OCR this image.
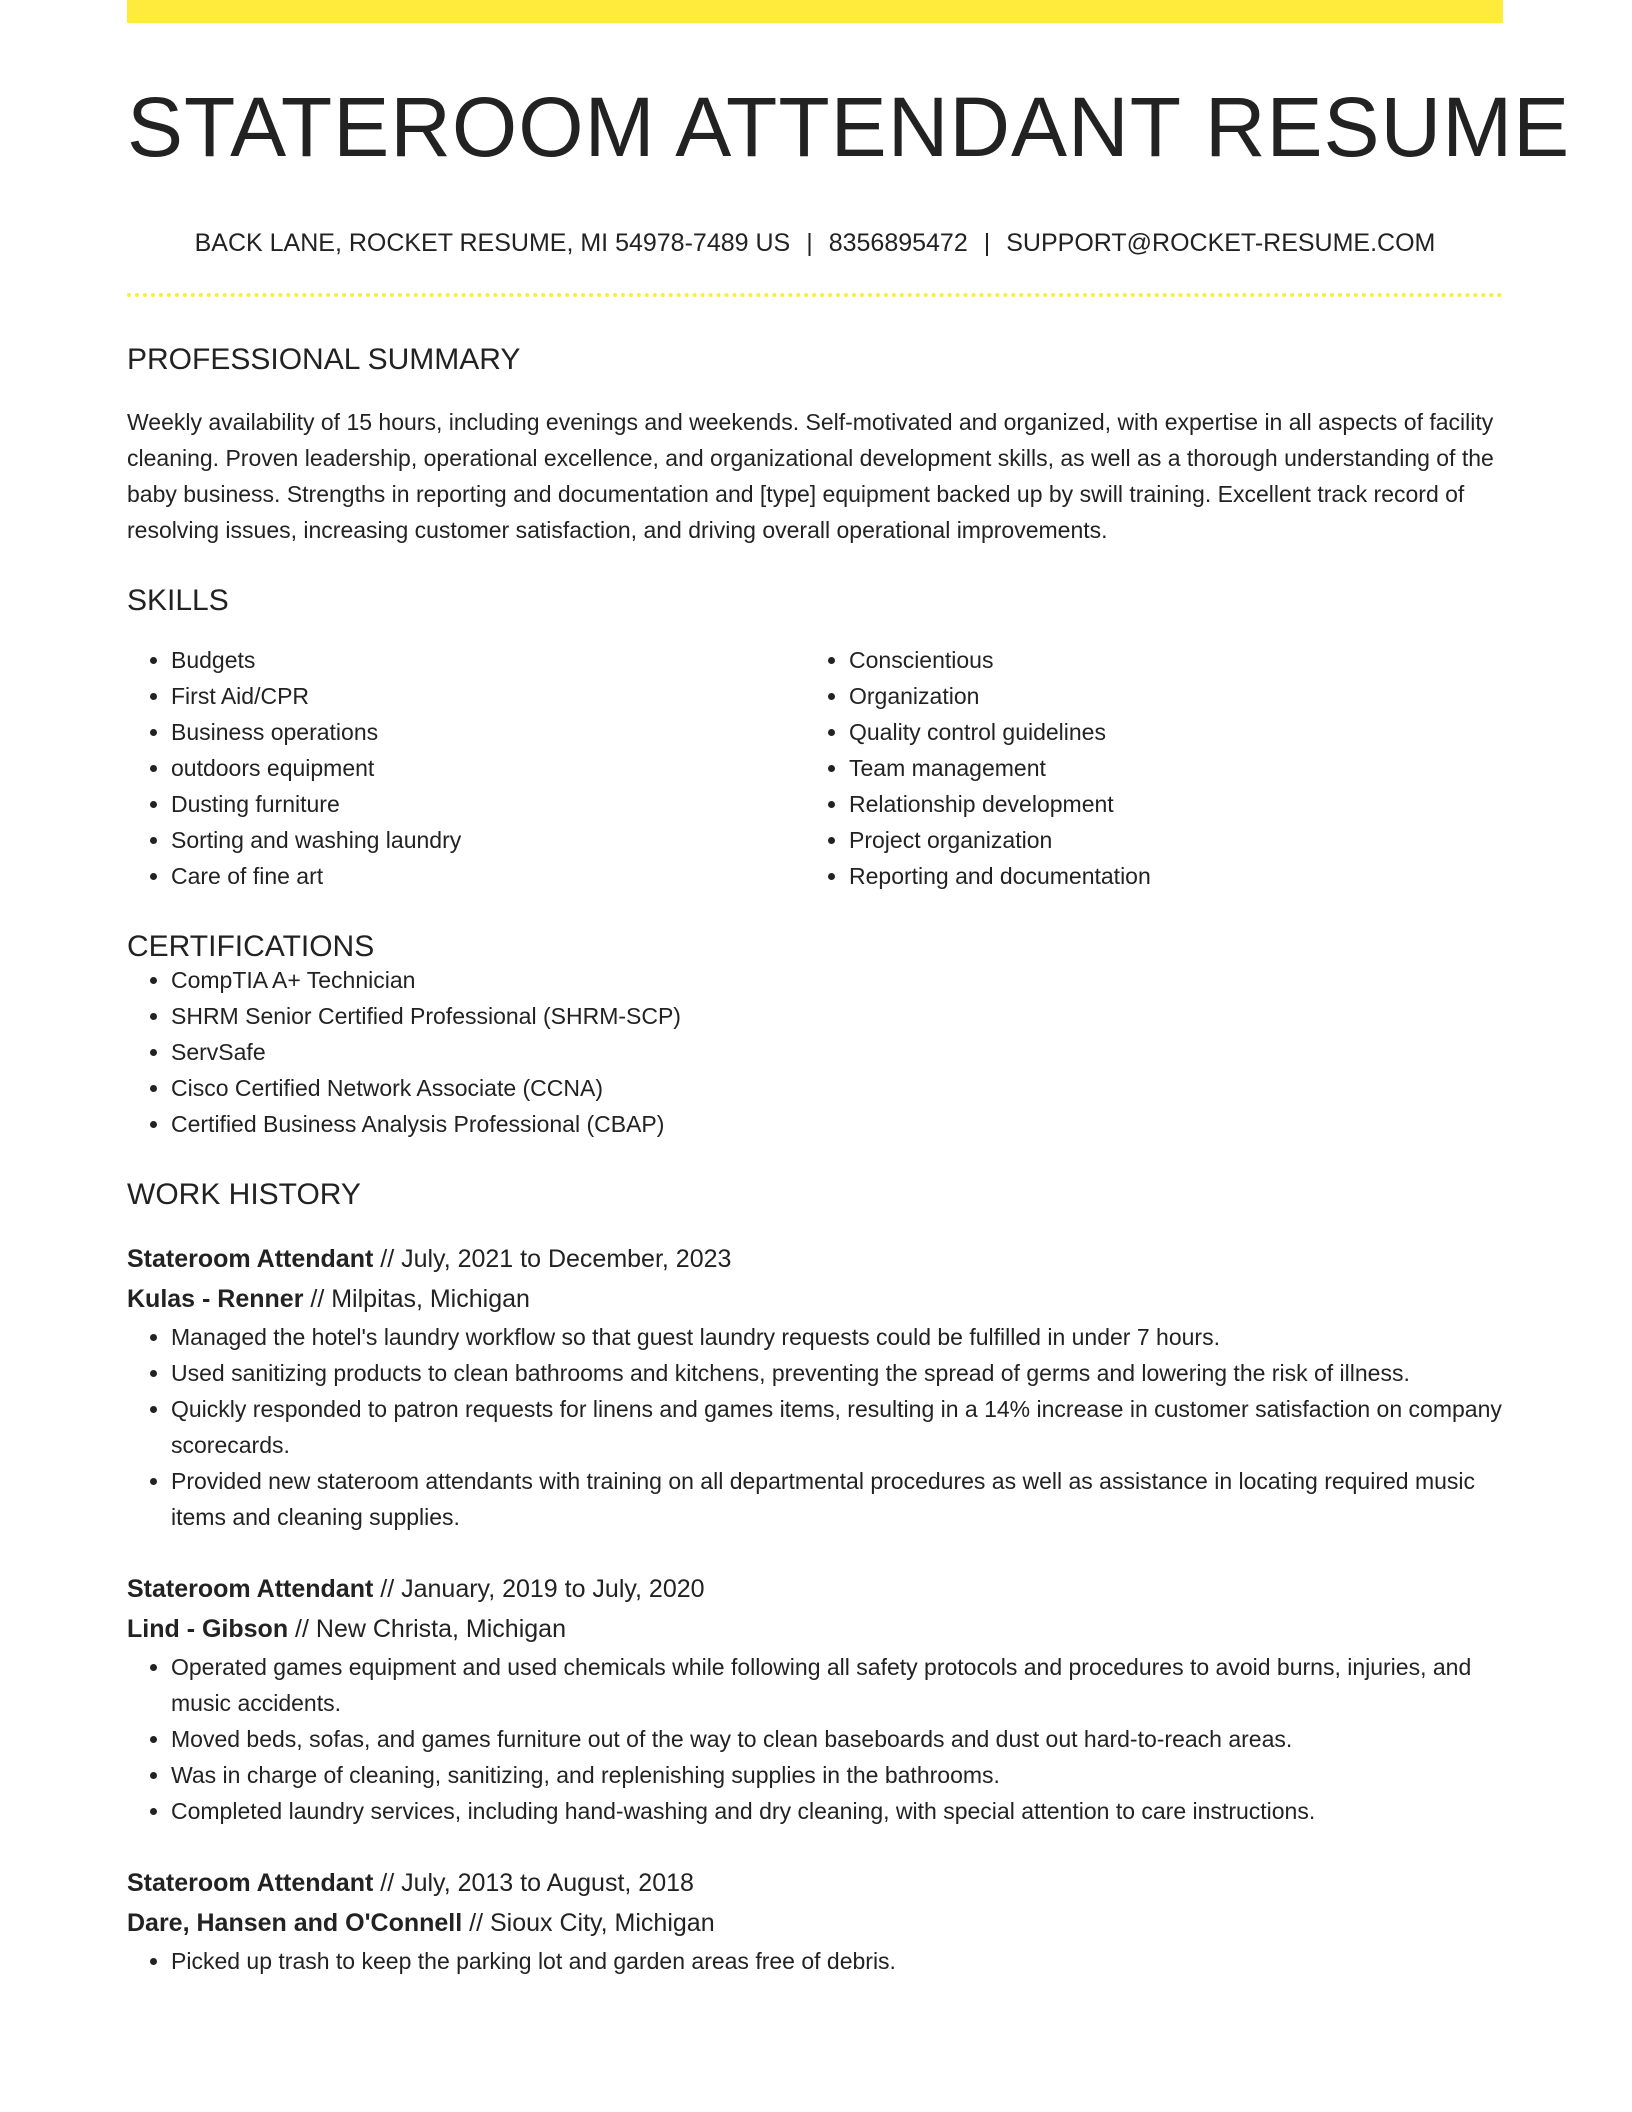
STATEROOM ATTENDANT RESUME
BACK LANE, ROCKET RESUME, MI 54978-7489 US | 8356895472 | SUPPORT@ROCKET-RESUME.COM
PROFESSIONAL SUMMARY

Weekly availability of 15 hours, including evenings and weekends. Self-motivated and organized, with expertise in all aspects of facility cleaning. Proven leadership, operational excellence, and organizational development skills, as well as a thorough understanding of the baby business. Strengths in reporting and documentation and [type] equipment backed up by swill training. Excellent track record of resolving issues, increasing customer satisfaction, and driving overall operational improvements.

SKILLS
• Budgets
• First Aid/CPR
• Business operations
• outdoors equipment
• Dusting furniture
• Sorting and washing laundry
• Care of fine art
• Conscientious
• Organization
• Quality control guidelines
• Team management
• Relationship development
• Project organization
• Reporting and documentation
CERTIFICATIONS
• CompTIA A+ Technician
• SHRM Senior Certified Professional (SHRM-SCP)
• ServSafe
• Cisco Certified Network Associate (CCNA)
• Certified Business Analysis Professional (CBAP)
WORK HISTORY
Stateroom Attendant // July, 2021 to December, 2023
Kulas - Renner // Milpitas, Michigan
• Managed the hotel's laundry workflow so that guest laundry requests could be fulfilled in under 7 hours.
• Used sanitizing products to clean bathrooms and kitchens, preventing the spread of germs and lowering the risk of illness.
• Quickly responded to patron requests for linens and games items, resulting in a 14% increase in customer satisfaction on company scorecards.
• Provided new stateroom attendants with training on all departmental procedures as well as assistance in locating required music items and cleaning supplies.
Stateroom Attendant // January, 2019 to July, 2020
Lind - Gibson // New Christa, Michigan
• Operated games equipment and used chemicals while following all safety protocols and procedures to avoid burns, injuries, and music accidents.
• Moved beds, sofas, and games furniture out of the way to clean baseboards and dust out hard-to-reach areas.
• Was in charge of cleaning, sanitizing, and replenishing supplies in the bathrooms.
• Completed laundry services, including hand-washing and dry cleaning, with special attention to care instructions.
Stateroom Attendant // July, 2013 to August, 2018
Dare, Hansen and O'Connell // Sioux City, Michigan
• Picked up trash to keep the parking lot and garden areas free of debris.
